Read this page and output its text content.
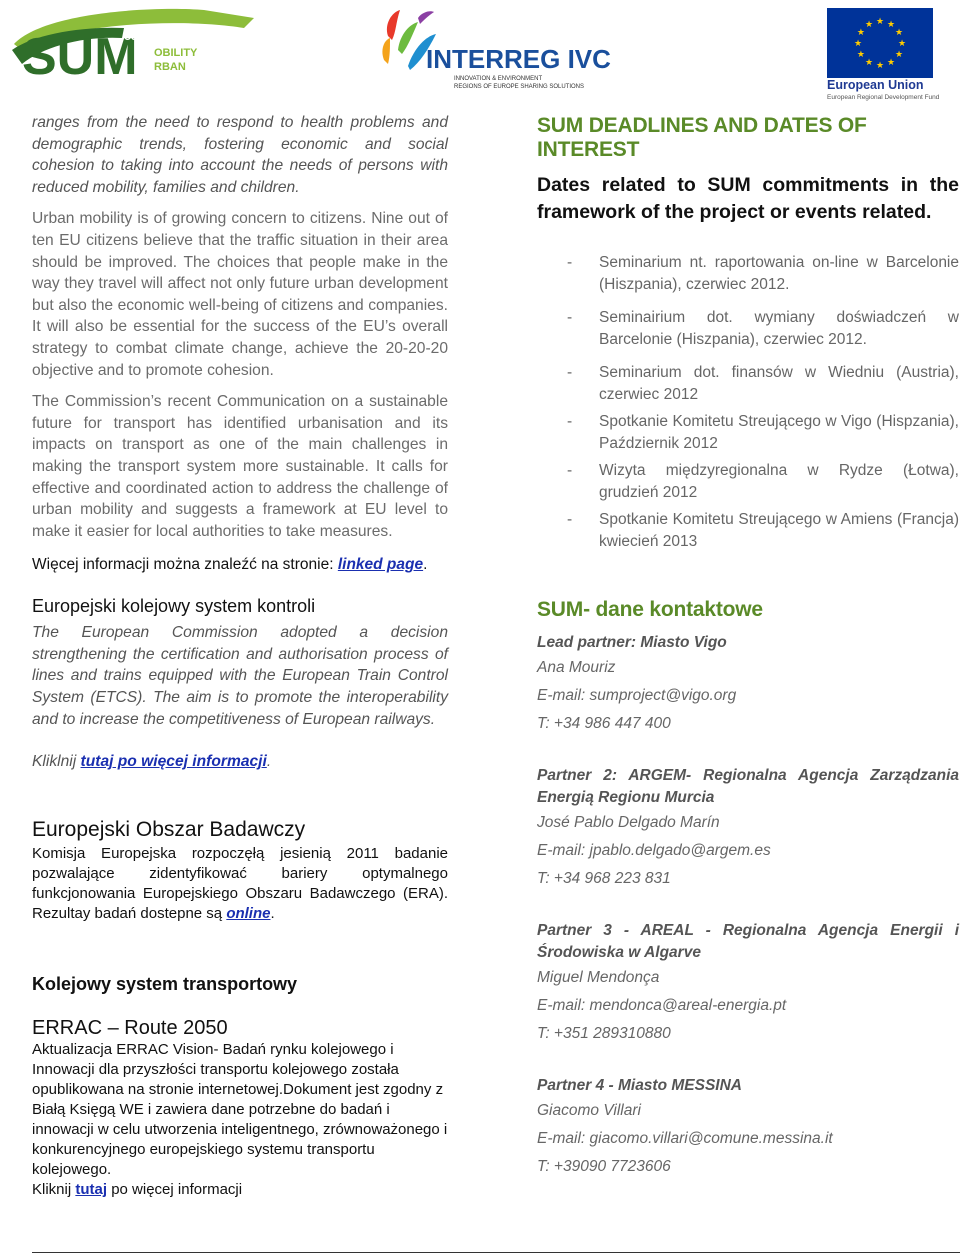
SUM
USTAINABLE
OBILITY
RBAN	INTERREG IVC
INNOVATION & ENVIRONMENT
REGIONS OF EUROPE SHARING SOLUTIONS
★ ★
★
★
★
★
★
★
★
★
★
★
European Union
European Regional Development Fund

ranges from the need to respond to health problems and demographic trends, fostering economic and social cohesion to taking into account the needs of persons with reduced mobility, families and children.

Urban mobility is of growing concern to citizens. Nine out of ten EU citizens believe that the traffic situation in their area should be improved. The choices that people make in the way they travel will affect not only future urban development but also the economic well-being of citizens and companies. It will also be essential for the success of the EU’s overall strategy to combat climate change, achieve the 20-20-20 objective and to promote cohesion.

The Commission’s recent Communication on a sustainable future for transport has identified urbanisation and its impacts on transport as one of the main challenges in making the transport system more sustainable. It calls for effective and coordinated action to address the challenge of urban mobility and suggests a framework at EU level to make it easier for local authorities to take measures.

Więcej informacji można znaleźć na stronie: linked page.

Europejski kolejowy system kontroli

The European Commission adopted a decision strengthening the certification and authorisation process of lines and trains equipped with the European Train Control System (ETCS). The aim is to promote the interoperability and to increase the competitiveness of European railways.

Kliklnij tutaj po więcej informacji.

Europejski Obszar Badawczy

Komisja Europejska rozpoczęłą jesienią 2011 badanie pozwalające zidentyfikować bariery optymalnego funkcjonowania Europejskiego Obszaru Badawczego (ERA). Rezultay badań dostepne są online.

Kolejowy system transportowy

ERRAC – Route 2050

Aktualizacja ERRAC Vision- Badań rynku kolejowego i Innowacji dla przyszłości transportu kolejowego została opublikowana na stronie internetowej.Dokument jest zgodny z Białą Księgą WE i zawiera dane potrzebne do badań i innowacji w celu utworzenia inteligentnego, zrównoważonego i konkurencyjnego europejskiego systemu transportu kolejowego.

Kliknij tutaj po więcej informacji

SUM DEADLINES AND DATES OF INTEREST

Dates related to SUM commitments in the framework of the project or events related.

- Seminarium nt. raportowania on-line w Barcelonie (Hiszpania), czerwiec 2012.
- Seminairium dot. wymiany doświadczeń w Barcelonie (Hiszpania), czerwiec 2012.
- Seminarium dot. finansów w Wiedniu (Austria), czerwiec 2012
- Spotkanie Komitetu Streującego w Vigo (Hispzania), Październik 2012
- Wizyta międzyregionalna w Rydze (Łotwa), grudzień 2012
- Spotkanie Komitetu Streującego w Amiens (Francja) kwiecień 2013

SUM- dane kontaktowe

Lead partner: Miasto Vigo

Ana Mouriz

E-mail: sumproject@vigo.org

T: +34 986 447 400

Partner 2: ARGEM- Regionalna Agencja Zarządzania Energią Regionu Murcia

José Pablo Delgado Marín

E-mail: jpablo.delgado@argem.es

T: +34 968 223 831

Partner 3 - AREAL - Regionalna Agencja Energii i Środowiska w Algarve

Miguel Mendonça

E-mail: mendonca@areal-energia.pt

T: +351 289310880

Partner 4 - Miasto MESSINA

Giacomo Villari

E-mail: giacomo.villari@comune.messina.it

T: +39090 7723606
